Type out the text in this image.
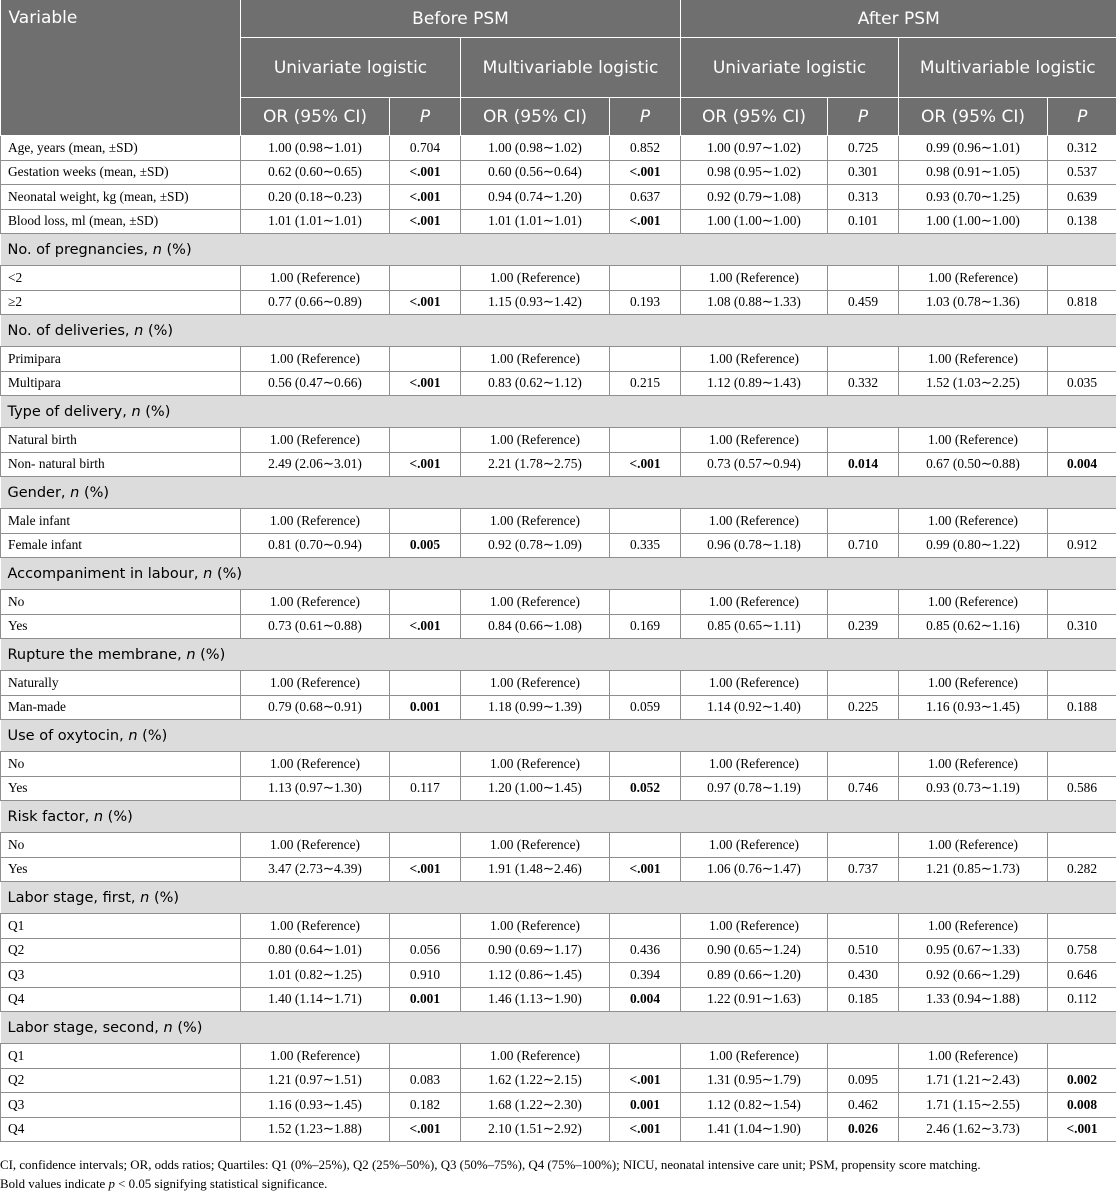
Variable	Before PSM				After PSM			
	Univariate logistic		Multivariable logistic		Univariate logistic		Multivariable logistic	
	OR (95% CI)	P	OR (95% CI)	P	OR (95% CI)	P	OR (95% CI)	P
Age, years (mean, ±SD)	1.00 (0.98∼1.01)	0.704	1.00 (0.98∼1.02)	0.852	1.00 (0.97∼1.02)	0.725	0.99 (0.96∼1.01)	0.312
Gestation weeks (mean, ±SD)	0.62 (0.60∼0.65)	<.001	0.60 (0.56∼0.64)	<.001	0.98 (0.95∼1.02)	0.301	0.98 (0.91∼1.05)	0.537
Neonatal weight, kg (mean, ±SD)	0.20 (0.18∼0.23)	<.001	0.94 (0.74∼1.20)	0.637	0.92 (0.79∼1.08)	0.313	0.93 (0.70∼1.25)	0.639
Blood loss, ml (mean, ±SD)	1.01 (1.01∼1.01)	<.001	1.01 (1.01∼1.01)	<.001	1.00 (1.00∼1.00)	0.101	1.00 (1.00∼1.00)	0.138
No. of pregnancies, n (%)								
<2	1.00 (Reference)		1.00 (Reference)		1.00 (Reference)		1.00 (Reference)	
≥2	0.77 (0.66∼0.89)	<.001	1.15 (0.93∼1.42)	0.193	1.08 (0.88∼1.33)	0.459	1.03 (0.78∼1.36)	0.818
No. of deliveries, n (%)								
Primipara	1.00 (Reference)		1.00 (Reference)		1.00 (Reference)		1.00 (Reference)	
Multipara	0.56 (0.47∼0.66)	<.001	0.83 (0.62∼1.12)	0.215	1.12 (0.89∼1.43)	0.332	1.52 (1.03∼2.25)	0.035
Type of delivery, n (%)								
Natural birth	1.00 (Reference)		1.00 (Reference)		1.00 (Reference)		1.00 (Reference)	
Non- natural birth	2.49 (2.06∼3.01)	<.001	2.21 (1.78∼2.75)	<.001	0.73 (0.57∼0.94)	0.014	0.67 (0.50∼0.88)	0.004
Gender, n (%)								
Male infant	1.00 (Reference)		1.00 (Reference)		1.00 (Reference)		1.00 (Reference)	
Female infant	0.81 (0.70∼0.94)	0.005	0.92 (0.78∼1.09)	0.335	0.96 (0.78∼1.18)	0.710	0.99 (0.80∼1.22)	0.912
Accompaniment in labour, n (%)								
No	1.00 (Reference)		1.00 (Reference)		1.00 (Reference)		1.00 (Reference)	
Yes	0.73 (0.61∼0.88)	<.001	0.84 (0.66∼1.08)	0.169	0.85 (0.65∼1.11)	0.239	0.85 (0.62∼1.16)	0.310
Rupture the membrane, n (%)								
Naturally	1.00 (Reference)		1.00 (Reference)		1.00 (Reference)		1.00 (Reference)	
Man-made	0.79 (0.68∼0.91)	0.001	1.18 (0.99∼1.39)	0.059	1.14 (0.92∼1.40)	0.225	1.16 (0.93∼1.45)	0.188
Use of oxytocin, n (%)								
No	1.00 (Reference)		1.00 (Reference)		1.00 (Reference)		1.00 (Reference)	
Yes	1.13 (0.97∼1.30)	0.117	1.20 (1.00∼1.45)	0.052	0.97 (0.78∼1.19)	0.746	0.93 (0.73∼1.19)	0.586
Risk factor, n (%)								
No	1.00 (Reference)		1.00 (Reference)		1.00 (Reference)		1.00 (Reference)	
Yes	3.47 (2.73∼4.39)	<.001	1.91 (1.48∼2.46)	<.001	1.06 (0.76∼1.47)	0.737	1.21 (0.85∼1.73)	0.282
Labor stage, first, n (%)								
Q1	1.00 (Reference)		1.00 (Reference)		1.00 (Reference)		1.00 (Reference)	
Q2	0.80 (0.64∼1.01)	0.056	0.90 (0.69∼1.17)	0.436	0.90 (0.65∼1.24)	0.510	0.95 (0.67∼1.33)	0.758
Q3	1.01 (0.82∼1.25)	0.910	1.12 (0.86∼1.45)	0.394	0.89 (0.66∼1.20)	0.430	0.92 (0.66∼1.29)	0.646
Q4	1.40 (1.14∼1.71)	0.001	1.46 (1.13∼1.90)	0.004	1.22 (0.91∼1.63)	0.185	1.33 (0.94∼1.88)	0.112
Labor stage, second, n (%)								
Q1	1.00 (Reference)		1.00 (Reference)		1.00 (Reference)		1.00 (Reference)	
Q2	1.21 (0.97∼1.51)	0.083	1.62 (1.22∼2.15)	<.001	1.31 (0.95∼1.79)	0.095	1.71 (1.21∼2.43)	0.002
Q3	1.16 (0.93∼1.45)	0.182	1.68 (1.22∼2.30)	0.001	1.12 (0.82∼1.54)	0.462	1.71 (1.15∼2.55)	0.008
Q4	1.52 (1.23∼1.88)	<.001	2.10 (1.51∼2.92)	<.001	1.41 (1.04∼1.90)	0.026	2.46 (1.62∼3.73)	<.001
CI, confidence intervals; OR, odds ratios; Quartiles: Q1 (0%–25%), Q2 (25%–50%), Q3 (50%–75%), Q4 (75%–100%); NICU, neonatal intensive care unit; PSM, propensity score matching.
Bold values indicate p < 0.05 signifying statistical significance.
